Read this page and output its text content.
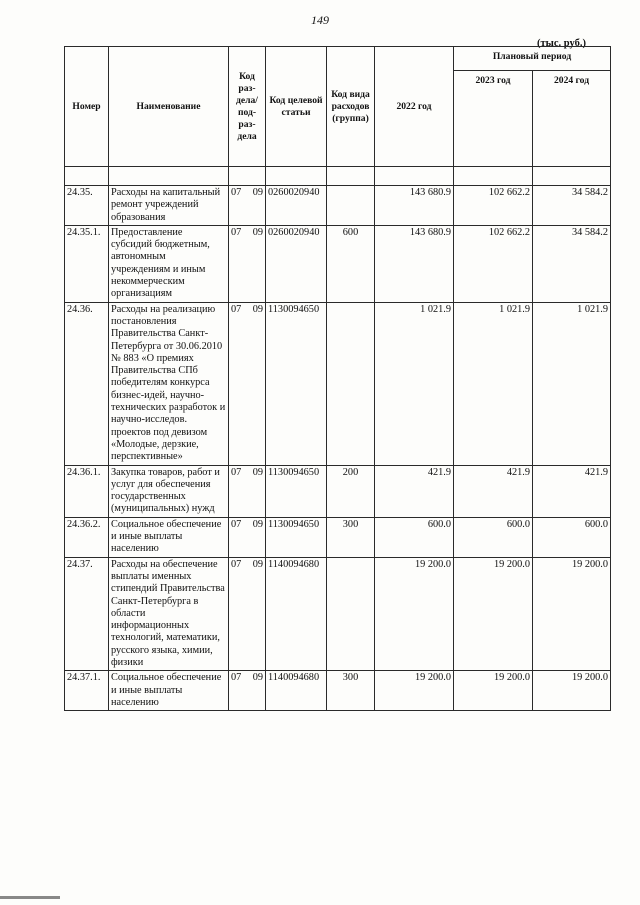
149
(тыс. руб.)
Номер	Наименование	Код раз-дела/ под-раз-дела	Код целевой статьи	Код вида расходов (группа)	2022 год	Плановый период	
						2023 год	2024 год

24.35.	Расходы на капитальный ремонт учреждений образования	07 09	0260020940		143 680.9	102 662.2	34 584.2
24.35.1.	Предоставление субсидий бюджетным, автономным учреждениям и иным некоммерческим организациям	07 09	0260020940	600	143 680.9	102 662.2	34 584.2
24.36.	Расходы на реализацию постановления Правительства Санкт-Петербурга от 30.06.2010 № 883 «О премиях Правительства СПб победителям конкурса бизнес-идей, научно-технических разработок и научно-исследов. проектов под девизом «Молодые, дерзкие, перспективные»	07 09	1130094650		1 021.9	1 021.9	1 021.9
24.36.1.	Закупка товаров, работ и услуг для обеспечения государственных (муниципальных) нужд	07 09	1130094650	200	421.9	421.9	421.9
24.36.2.	Социальное обеспечение и иные выплаты населению	07 09	1130094650	300	600.0	600.0	600.0
24.37.	Расходы на обеспечение выплаты именных стипендий Правительства Санкт-Петербурга в области информационных технологий, математики, русского языка, химии, физики	07 09	1140094680		19 200.0	19 200.0	19 200.0
24.37.1.	Социальное обеспечение и иные выплаты населению	07 09	1140094680	300	19 200.0	19 200.0	19 200.0
